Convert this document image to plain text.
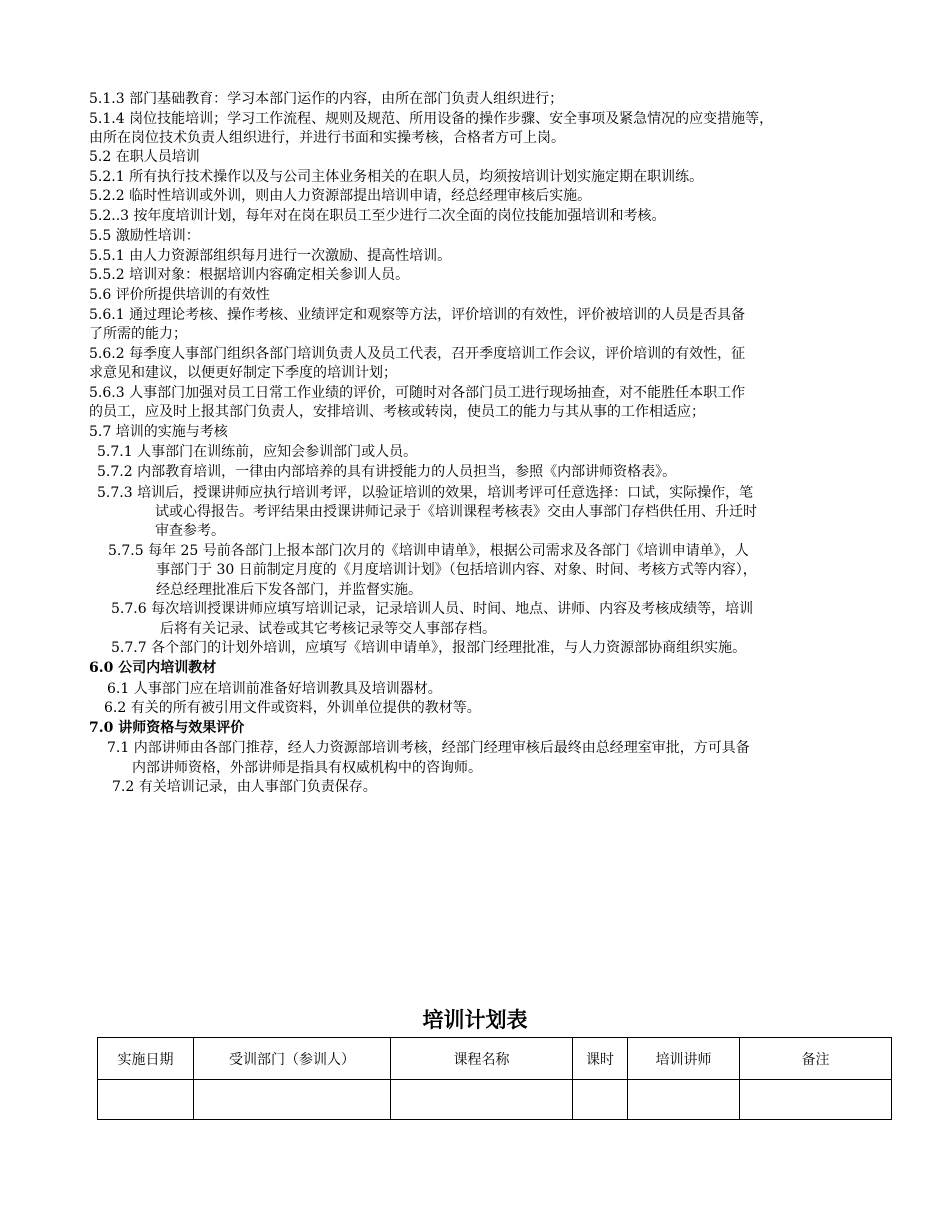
5.1.3 部门基础教育：学习本部门运作的内容，由所在部门负责人组织进行；
5.1.4 岗位技能培训；学习工作流程、规则及规范、所用设备的操作步骤、安全事项及紧急情况的应变措施等，
由所在岗位技术负责人组织进行，并进行书面和实操考核，合格者方可上岗。
5.2 在职人员培训
5.2.1 所有执行技术操作以及与公司主体业务相关的在职人员，均须按培训计划实施定期在职训练。
5.2.2 临时性培训或外训，则由人力资源部提出培训申请，经总经理审核后实施。
5.2..3 按年度培训计划，每年对在岗在职员工至少进行二次全面的岗位技能加强培训和考核。
5.5 激励性培训：
5.5.1 由人力资源部组织每月进行一次激励、提高性培训。
5.5.2 培训对象：根据培训内容确定相关参训人员。
5.6 评价所提供培训的有效性
5.6.1 通过理论考核、操作考核、业绩评定和观察等方法，评价培训的有效性，评价被培训的人员是否具备
了所需的能力；
5.6.2 每季度人事部门组织各部门培训负责人及员工代表，召开季度培训工作会议，评价培训的有效性，征
求意见和建议，以便更好制定下季度的培训计划；
5.6.3 人事部门加强对员工日常工作业绩的评价，可随时对各部门员工进行现场抽查，对不能胜任本职工作
的员工，应及时上报其部门负责人，安排培训、考核或转岗，使员工的能力与其从事的工作相适应；
5.7 培训的实施与考核
5.7.1 人事部门在训练前，应知会参训部门或人员。
5.7.2 内部教育培训，一律由内部培养的具有讲授能力的人员担当，参照《内部讲师资格表》。
5.7.3 培训后，授课讲师应执行培训考评，以验证培训的效果，培训考评可任意选择：口试，实际操作，笔
试或心得报告。考评结果由授课讲师记录于《培训课程考核表》交由人事部门存档供任用、升迁时
审查参考。
5.7.5 每年 25 号前各部门上报本部门次月的《培训申请单》，根据公司需求及各部门《培训申请单》，人
事部门于 30 日前制定月度的《月度培训计划》（包括培训内容、对象、时间、考核方式等内容），
经总经理批准后下发各部门，并监督实施。
5.7.6 每次培训授课讲师应填写培训记录，记录培训人员、时间、地点、讲师、内容及考核成绩等，培训
后将有关记录、试卷或其它考核记录等交人事部存档。
5.7.7 各个部门的计划外培训，应填写《培训申请单》，报部门经理批准，与人力资源部协商组织实施。
6.0 公司内培训教材
6.1 人事部门应在培训前准备好培训教具及培训器材。
6.2 有关的所有被引用文件或资料，外训单位提供的教材等。
7.0 讲师资格与效果评价
7.1 内部讲师由各部门推荐，经人力资源部培训考核，经部门经理审核后最终由总经理室审批，方可具备
内部讲师资格，外部讲师是指具有权威机构中的咨询师。
7.2 有关培训记录，由人事部门负责保存。
培训计划表
实施日期	受训部门（参训人）	课程名称	课时	培训讲师	备注
